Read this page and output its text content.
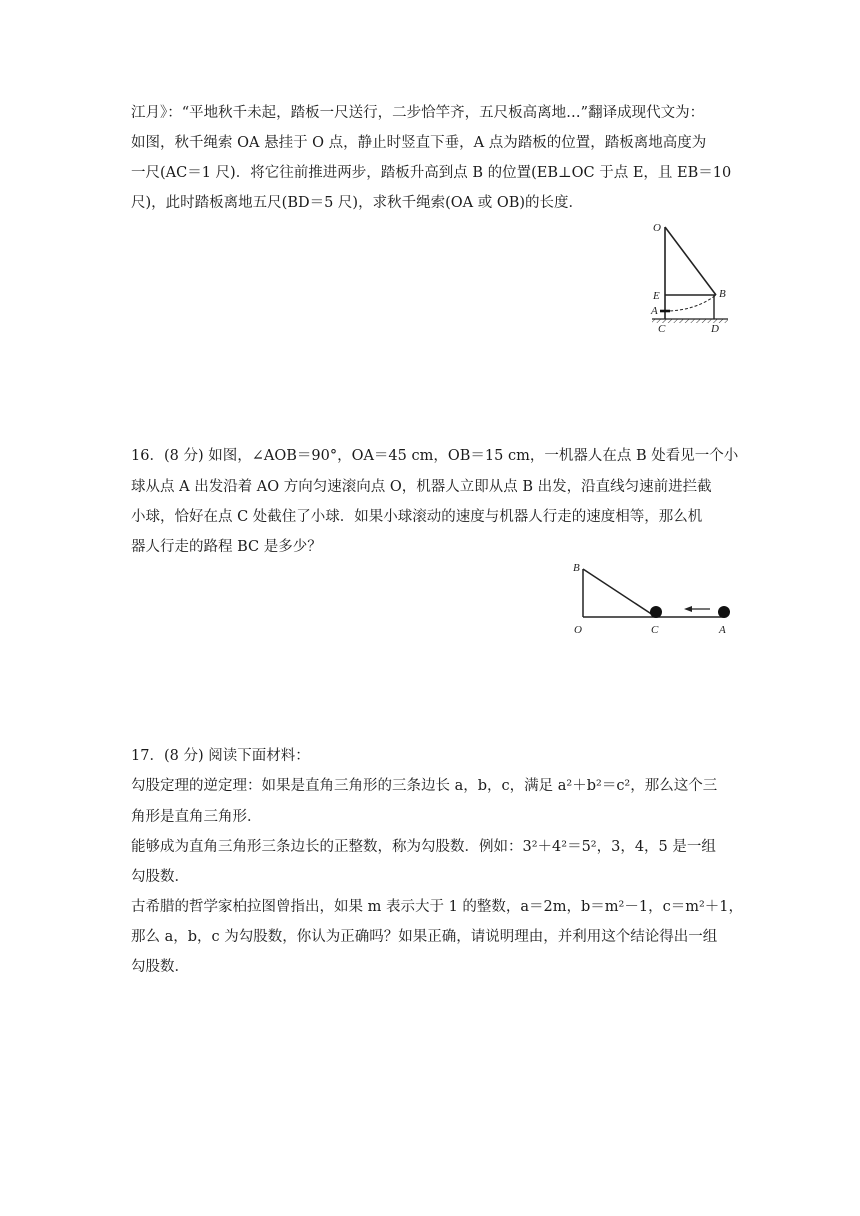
江月》：“平地秋千未起，踏板一尺送行，二步恰竿齐，五尺板高离地…”翻译成现代文为：
如图，秋千绳索 OA 悬挂于 O 点，静止时竖直下垂，A 点为踏板的位置，踏板离地高度为
一尺(AC＝1 尺)．将它往前推进两步，踏板升高到点 B 的位置(EB⊥OC 于点 E，且 EB＝10
尺)，此时踏板离地五尺(BD＝5 尺)，求秋千绳索(OA 或 OB)的长度．
O
E
A
B
C	D
16．(8 分) 如图，∠AOB＝90°，OA＝45 cm，OB＝15 cm，一机器人在点 B 处看见一个小
球从点 A 出发沿着 AO 方向匀速滚向点 O，机器人立即从点 B 出发，沿直线匀速前进拦截
小球，恰好在点 C 处截住了小球．如果小球滚动的速度与机器人行走的速度相等，那么机
器人行走的路程 BC 是多少？
B
O	C	A
17．(8 分) 阅读下面材料：
勾股定理的逆定理：如果是直角三角形的三条边长 a，b，c，满足 a²＋b²＝c²，那么这个三
角形是直角三角形．
能够成为直角三角形三条边长的正整数，称为勾股数．例如：3²＋4²＝5²，3，4，5 是一组
勾股数．
古希腊的哲学家柏拉图曾指出，如果 m 表示大于 1 的整数，a＝2m，b＝m²－1，c＝m²＋1，
那么 a，b，c 为勾股数，你认为正确吗？如果正确，请说明理由，并利用这个结论得出一组
勾股数．
